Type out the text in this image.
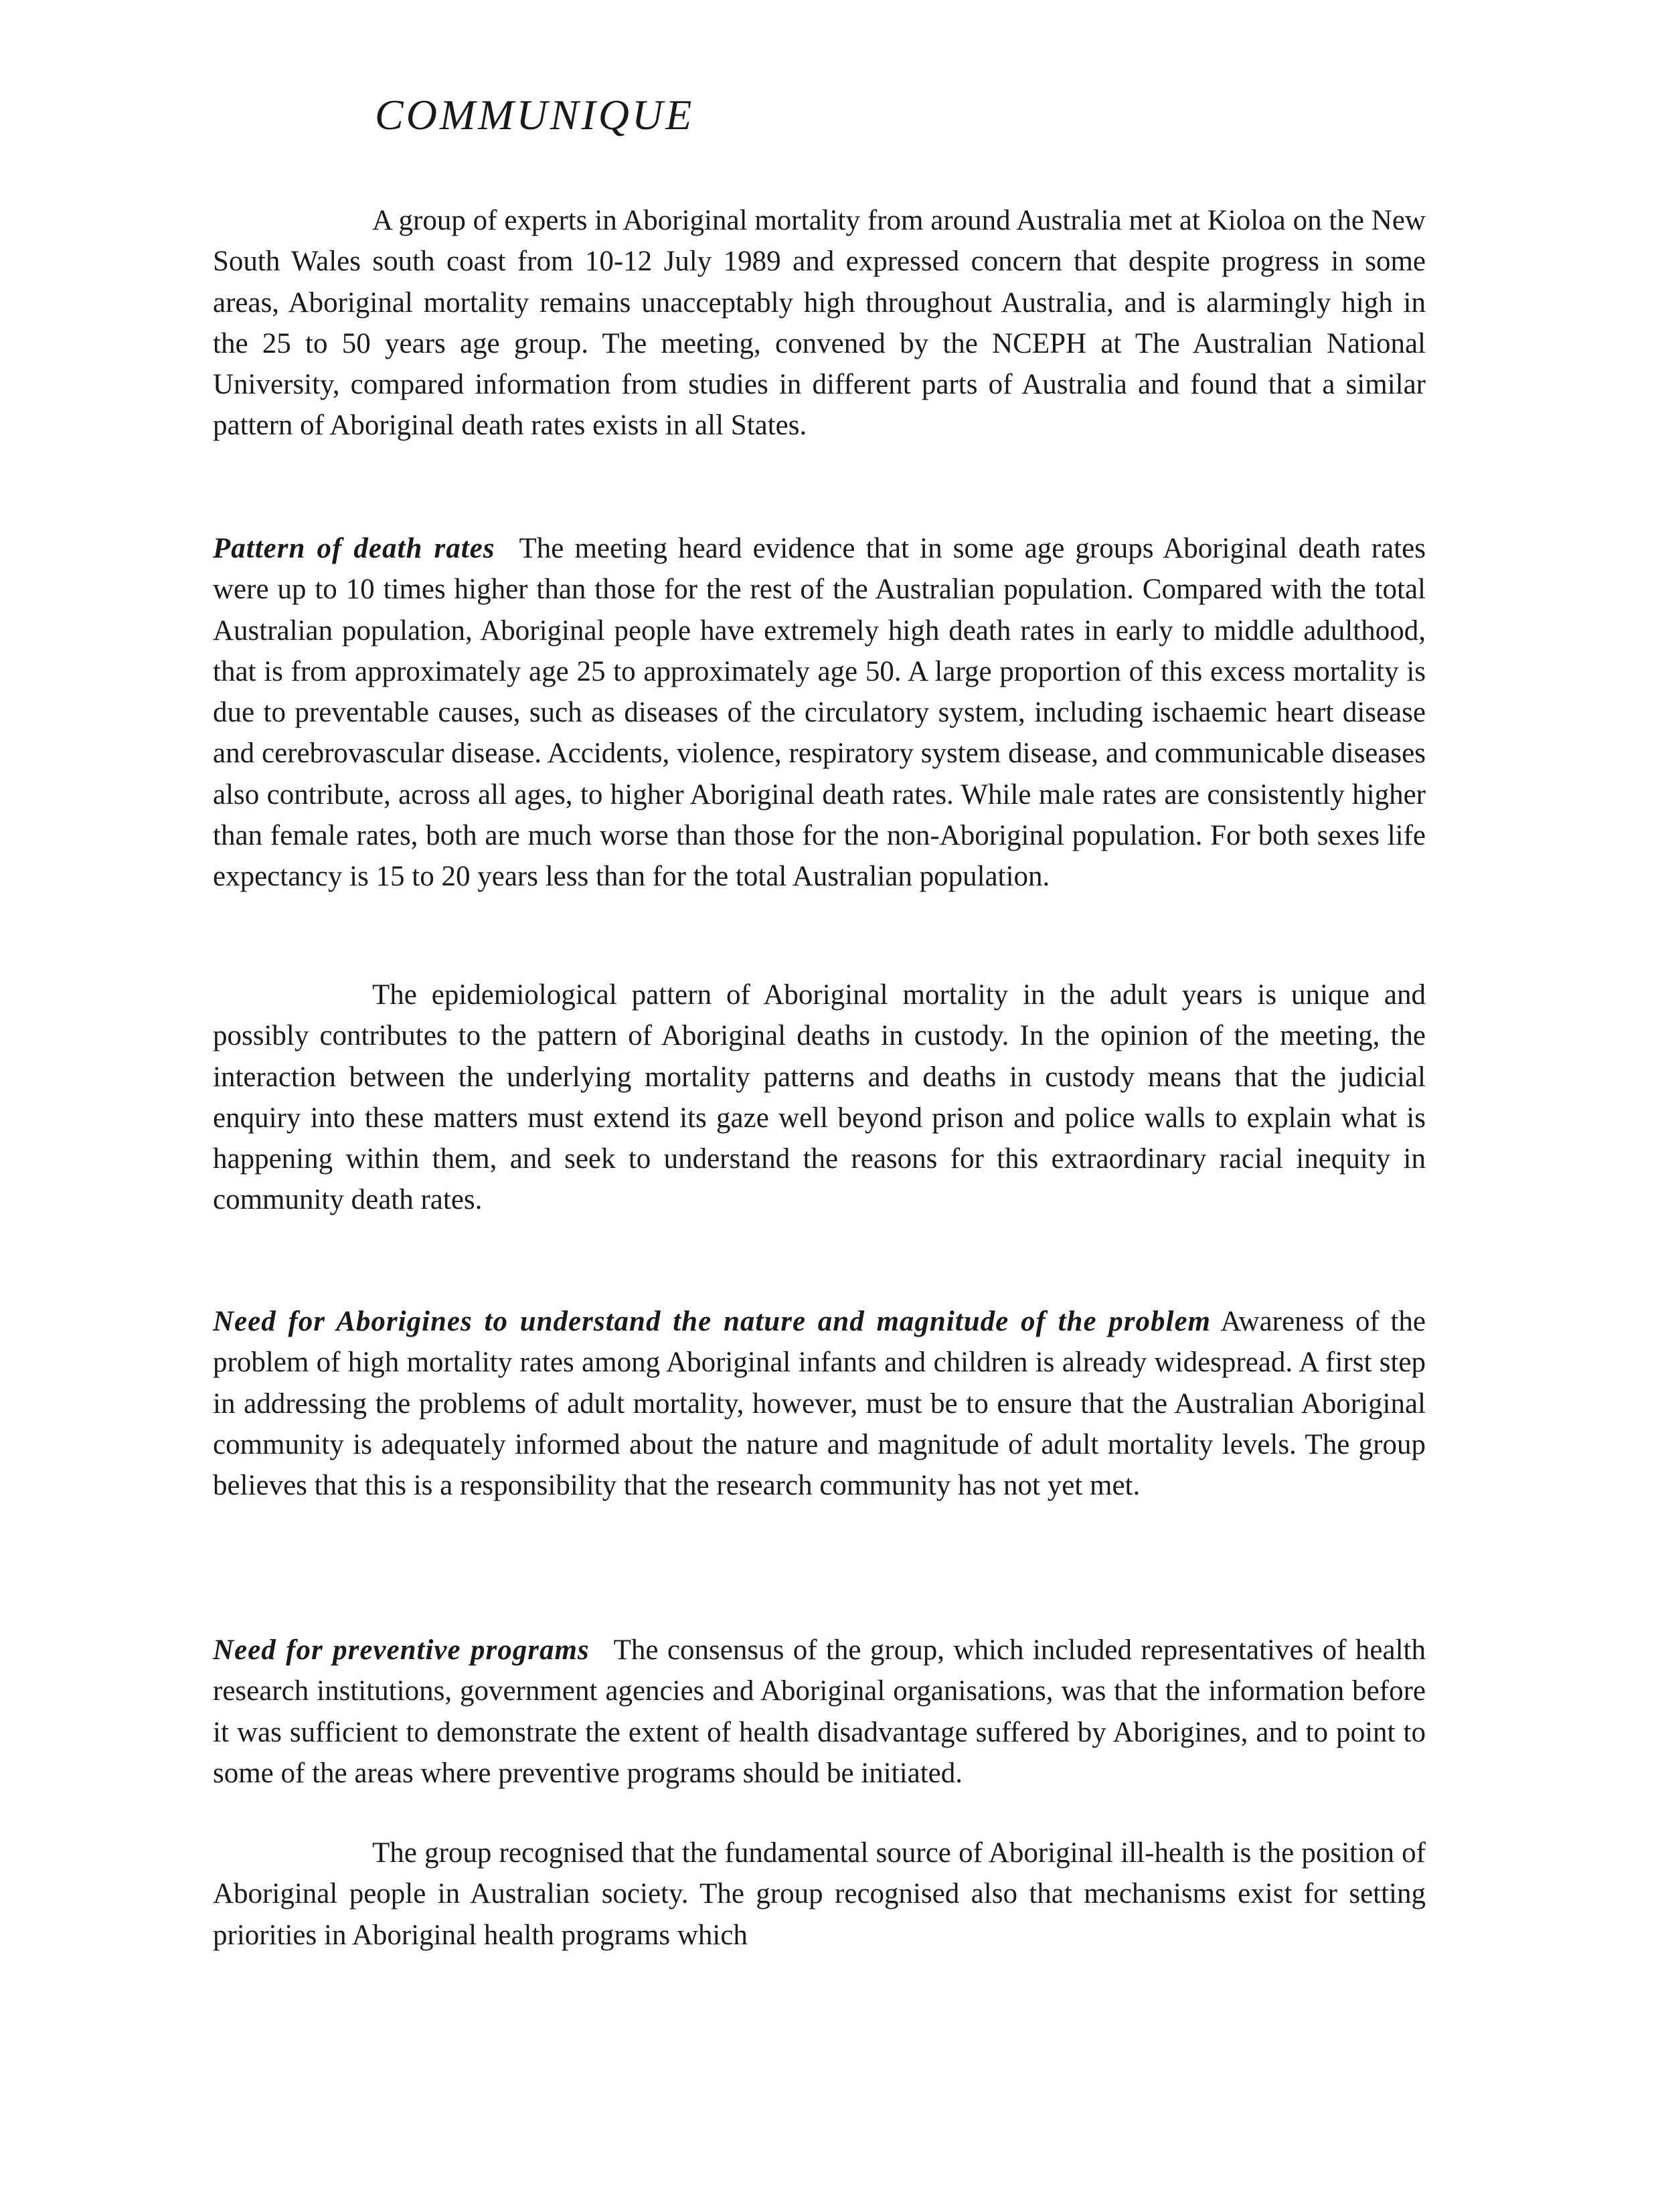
COMMUNIQUE

A group of experts in Aboriginal mortality from around Australia met at Kioloa on the New South Wales south coast from 10-12 July 1989 and expressed concern that despite progress in some areas, Aboriginal mortality remains unacceptably high throughout Australia, and is alarmingly high in the 25 to 50 years age group. The meeting, convened by the NCEPH at The Australian National University, compared information from studies in different parts of Australia and found that a similar pattern of Aboriginal death rates exists in all States.

Pattern of death rates The meeting heard evidence that in some age groups Aboriginal death rates were up to 10 times higher than those for the rest of the Australian population. Compared with the total Australian population, Aboriginal people have extremely high death rates in early to middle adulthood, that is from approximately age 25 to approximately age 50. A large proportion of this excess mortality is due to preventable causes, such as diseases of the circulatory system, including ischaemic heart disease and cerebrovascular disease. Accidents, violence, respiratory system disease, and communicable diseases also contribute, across all ages, to higher Aboriginal death rates. While male rates are consistently higher than female rates, both are much worse than those for the non-Aboriginal population. For both sexes life expectancy is 15 to 20 years less than for the total Australian population.

The epidemiological pattern of Aboriginal mortality in the adult years is unique and possibly contributes to the pattern of Aboriginal deaths in custody. In the opinion of the meeting, the interaction between the underlying mortality patterns and deaths in custody means that the judicial enquiry into these matters must extend its gaze well beyond prison and police walls to explain what is happening within them, and seek to understand the reasons for this extraordinary racial inequity in community death rates.

Need for Aborigines to understand the nature and magnitude of the problem Awareness of the problem of high mortality rates among Aboriginal infants and children is already widespread. A first step in addressing the problems of adult mortality, however, must be to ensure that the Australian Aboriginal community is adequately informed about the nature and magnitude of adult mortality levels. The group believes that this is a responsibility that the research community has not yet met.

Need for preventive programs The consensus of the group, which included representatives of health research institutions, government agencies and Aboriginal organisations, was that the information before it was sufficient to demonstrate the extent of health disadvantage suffered by Aborigines, and to point to some of the areas where preventive programs should be initiated.

The group recognised that the fundamental source of Aboriginal ill-health is the position of Aboriginal people in Australian society. The group recognised also that mechanisms exist for setting priorities in Aboriginal health programs which
